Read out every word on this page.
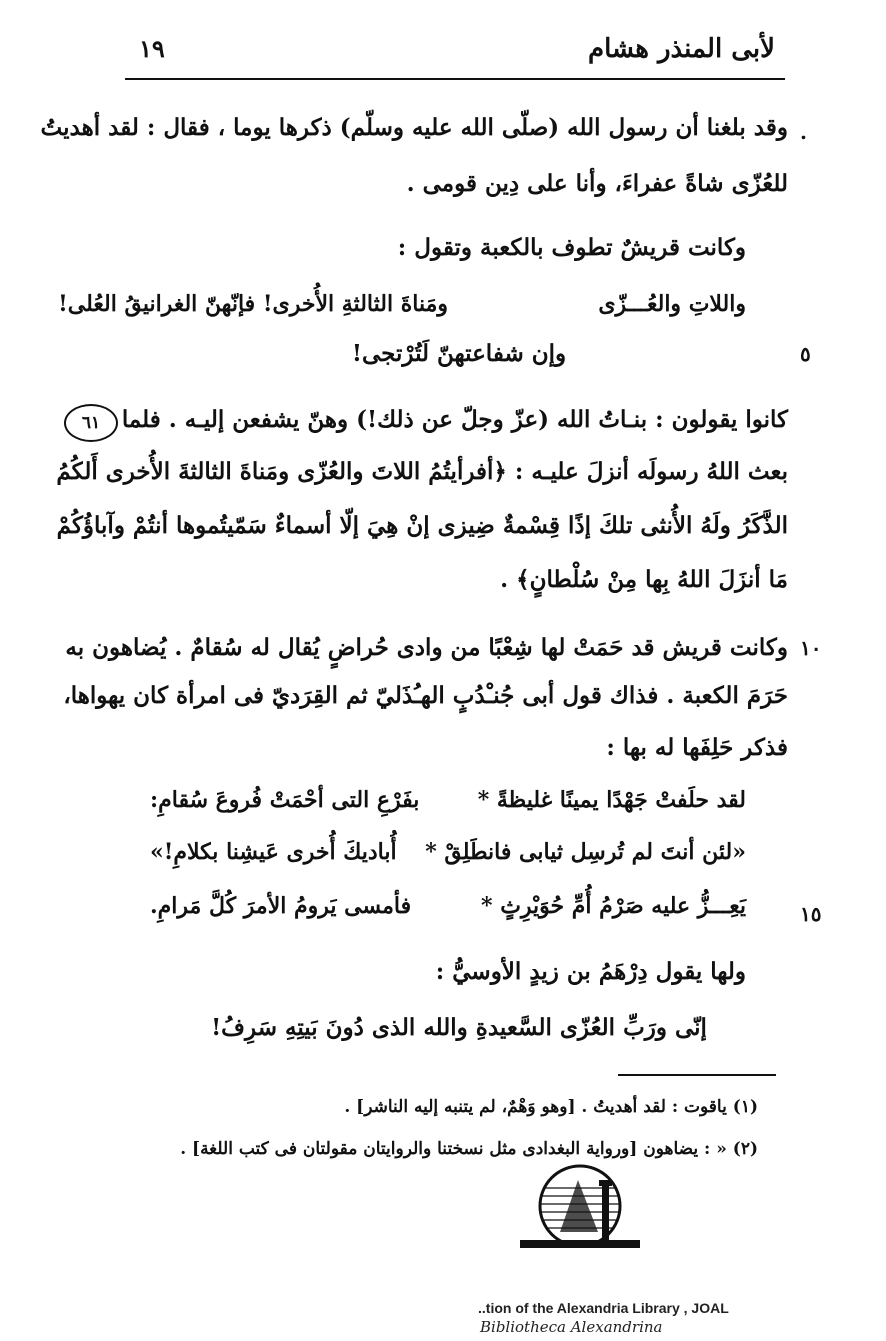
١٩	لأبى المنذر هشام
.
٥
١٠
١٥
٦١
وقد بلغنا أن رسول الله (صلّى الله عليه وسلّم) ذكرها يوما ، فقال : لقد أهديتُ
للعُزّى شاةً عفراءَ، وأنا على دِين قومى .
وكانت قريشٌ تطوف بالكعبة وتقول :
واللاتِ والعُـــزّى
ومَناةَ الثالثةِ الأُخرى! فإنّهنّ الغرانيقُ العُلى!
وإن شفاعتهنّ لَتُرْتجى!
كانوا يقولون : بنـاتُ الله (عزّ وجلّ عن ذلك!) وهنّ يشفعن إليـه . فلما
بعث اللهُ رسولَه أنزلَ عليـه : ﴿أفرأيتُمُ اللاتَ والعُزّى ومَناةَ الثالثةَ الأُخرى أَلكُمُ
الذَّكَرُ ولَهُ الأُنثى تلكَ إذًا قِسْمةٌ ضِيزى إنْ هِيَ إلّا أسماءٌ سَمّيتُموها أنتُمْ وآباؤُكُمْ
مَا أنزَلَ اللهُ بِها مِنْ سُلْطانٍ﴾ .
وكانت قريش قد حَمَتْ لها شِعْبًا من وادى حُراضٍ يُقال له سُقامٌ . يُضاهون به
حَرَمَ الكعبة . فذاك قول أبى جُنـْدُبٍ الهـُذَليّ ثم القِرَديّ فى امرأة كان يهواها،
فذكر حَلِفَها له بها :
لقد حلَفتْ جَهْدًا يمينًا غليظةً *
بفَرْعِ التى أحْمَتْ فُروعَ سُقامِ:
«لئن أنتَ لم تُرسِل ثيابى فانطَلِقْ *
أُباديكَ أُخرى عَيشِنا بكلامِ!»
يَعِـــزُّ عليه صَرْمُ أُمِّ حُوَيْرِثٍ *
فأمسى يَرومُ الأمرَ كُلَّ مَرامِ.
ولها يقول دِرْهَمُ بن زيدٍ الأوسيُّ :
إنّى ورَبِّ العُزّى السَّعيدةِ والله الذى دُونَ بَيتِهِ سَرِفُ!
(١) ياقوت : لقد أهديتُ . [وهو وَهْمٌ، لم يتنبه إليه الناشر] .
(٢) « : يضاهون [ورواية البغدادى مثل نسختنا والروايتان مقولتان فى كتب اللغة] .
..tion of the Alexandria Library , JOAL
Bibliotheca Alexandrina
